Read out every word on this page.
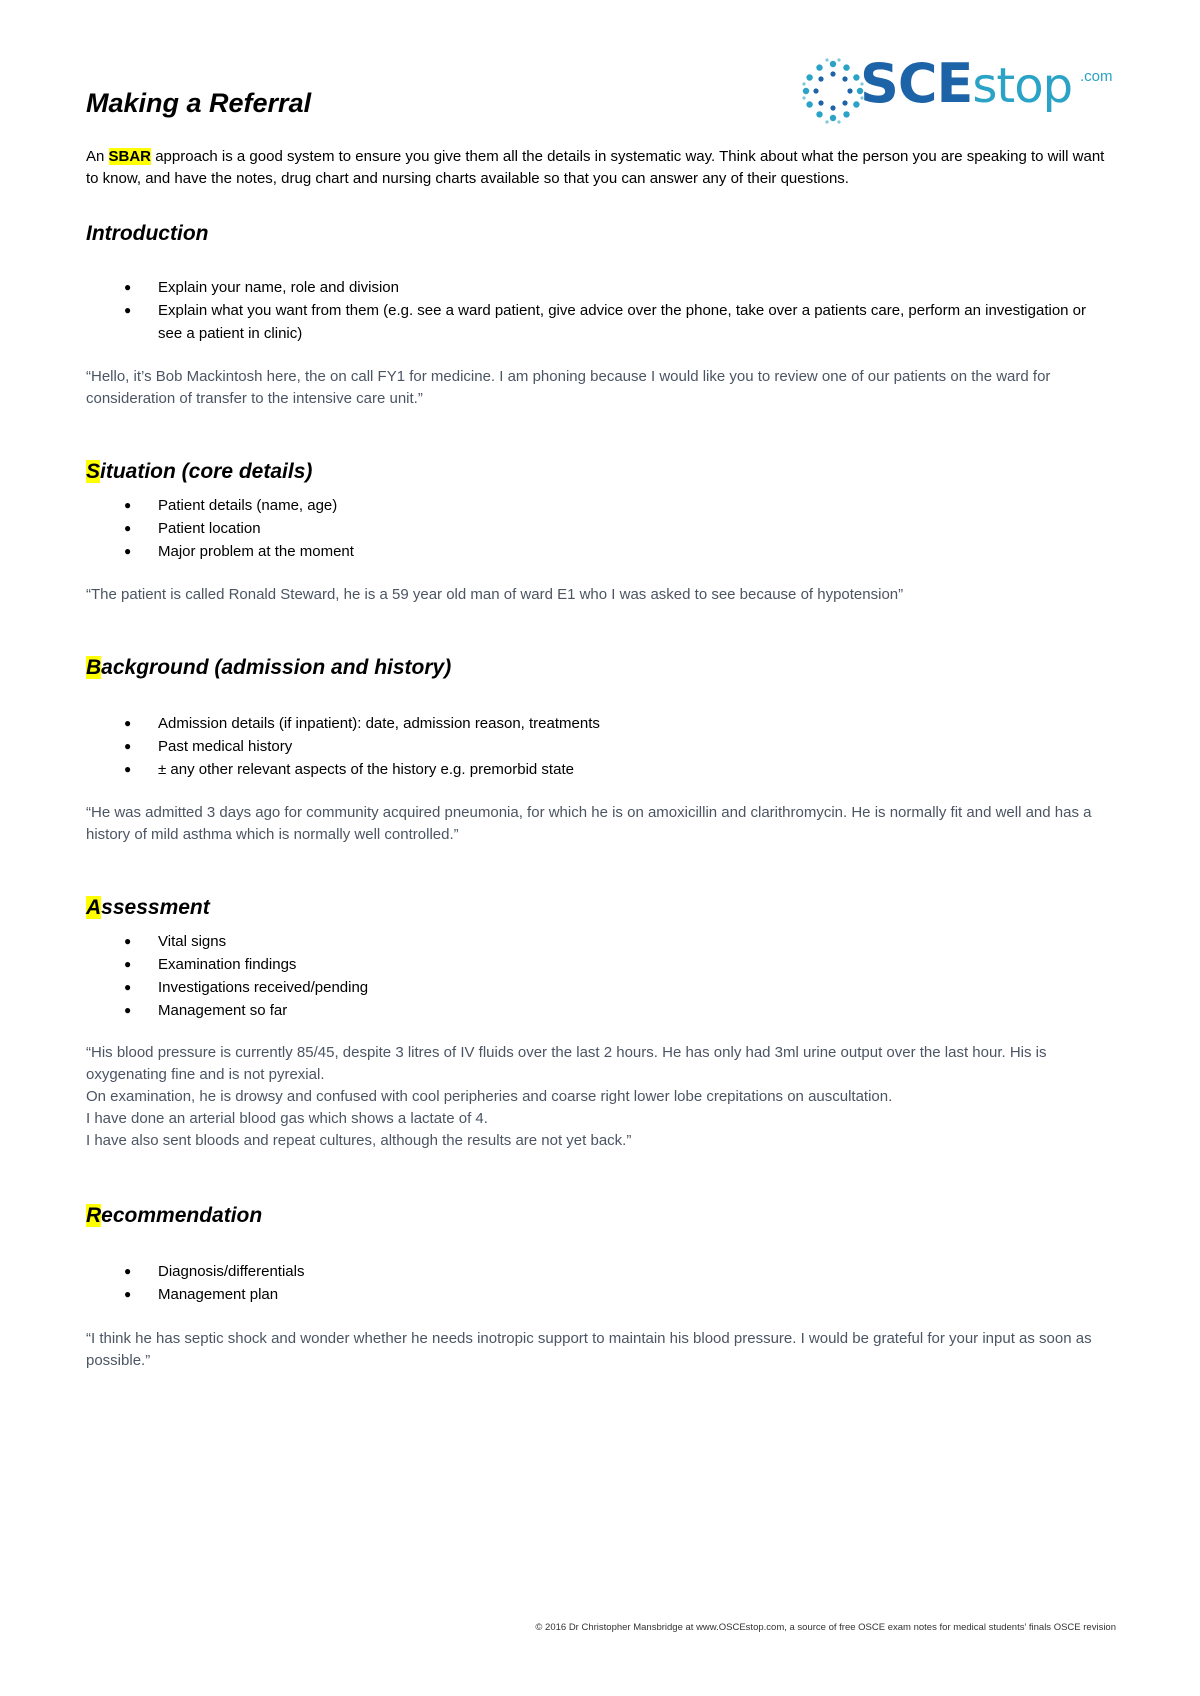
SCEstop .com
Making a Referral

An SBAR approach is a good system to ensure you give them all the details in systematic way. Think about what the person you are speaking to will want to know, and have the notes, drug chart and nursing charts available so that you can answer any of their questions.

Introduction
● Explain your name, role and division
● Explain what you want from them (e.g. see a ward patient, give advice over the phone, take over a patients care, perform an investigation or see a patient in clinic)
“Hello, it’s Bob Mackintosh here, the on call FY1 for medicine. I am phoning because I would like you to review one of our patients on the ward for consideration of transfer to the intensive care unit.”
Situation (core details)
● Patient details (name, age)
● Patient location
● Major problem at the moment
“The patient is called Ronald Steward, he is a 59 year old man of ward E1 who I was asked to see because of hypotension”
Background (admission and history)
● Admission details (if inpatient): date, admission reason, treatments
● Past medical history
● ± any other relevant aspects of the history e.g. premorbid state
“He was admitted 3 days ago for community acquired pneumonia, for which he is on amoxicillin and clarithromycin. He is normally fit and well and has a history of mild asthma which is normally well controlled.”
Assessment
● Vital signs
● Examination findings
● Investigations received/pending
● Management so far
“His blood pressure is currently 85/45, despite 3 litres of IV fluids over the last 2 hours. He has only had 3ml urine output over the last hour. His is oxygenating fine and is not pyrexial.
On examination, he is drowsy and confused with cool peripheries and coarse right lower lobe crepitations on auscultation.
I have done an arterial blood gas which shows a lactate of 4.
I have also sent bloods and repeat cultures, although the results are not yet back.”
Recommendation
● Diagnosis/differentials
● Management plan
“I think he has septic shock and wonder whether he needs inotropic support to maintain his blood pressure. I would be grateful for your input as soon as possible.”
© 2016 Dr Christopher Mansbridge at www.OSCEstop.com, a source of free OSCE exam notes for medical students’ finals OSCE revision
